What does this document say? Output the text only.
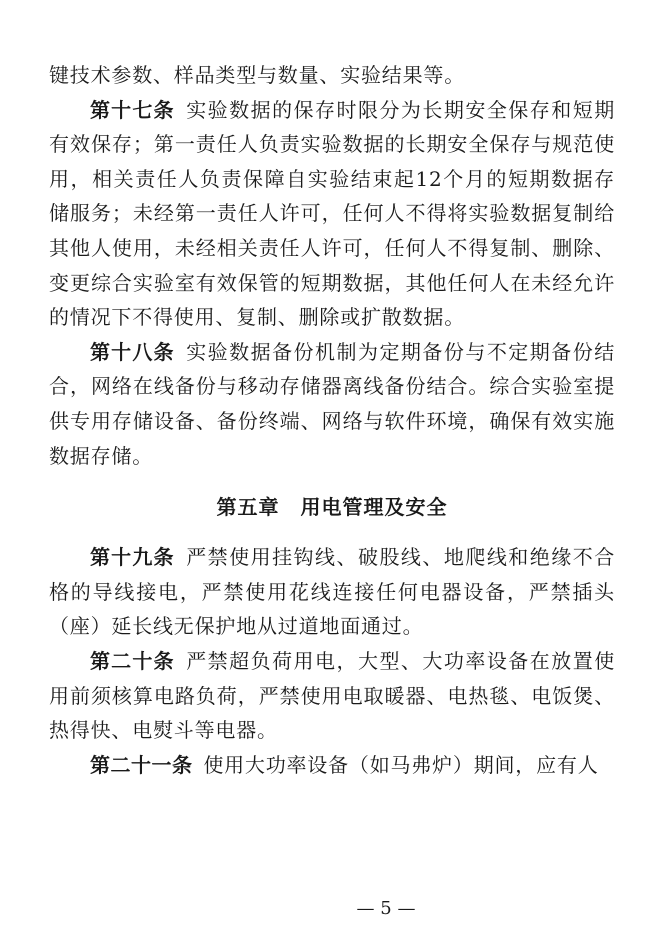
键技术参数、样品类型与数量、实验结果等。

第十七条  实验数据的保存时限分为长期安全保存和短期有效保存；第一责任人负责实验数据的长期安全保存与规范使用，相关责任人负责保障自实验结束起12个月的短期数据存储服务；未经第一责任人许可，任何人不得将实验数据复制给其他人使用，未经相关责任人许可，任何人不得复制、删除、变更综合实验室有效保管的短期数据，其他任何人在未经允许的情况下不得使用、复制、删除或扩散数据。

第十八条  实验数据备份机制为定期备份与不定期备份结合，网络在线备份与移动存储器离线备份结合。综合实验室提供专用存储设备、备份终端、网络与软件环境，确保有效实施数据存储。

第五章　用电管理及安全

第十九条  严禁使用挂钩线、破股线、地爬线和绝缘不合格的导线接电，严禁使用花线连接任何电器设备，严禁插头（座）延长线无保护地从过道地面通过。

第二十条  严禁超负荷用电，大型、大功率设备在放置使用前须核算电路负荷，严禁使用电取暖器、电热毯、电饭煲、热得快、电熨斗等电器。

第二十一条  使用大功率设备（如马弗炉）期间，应有人

— 5 —
